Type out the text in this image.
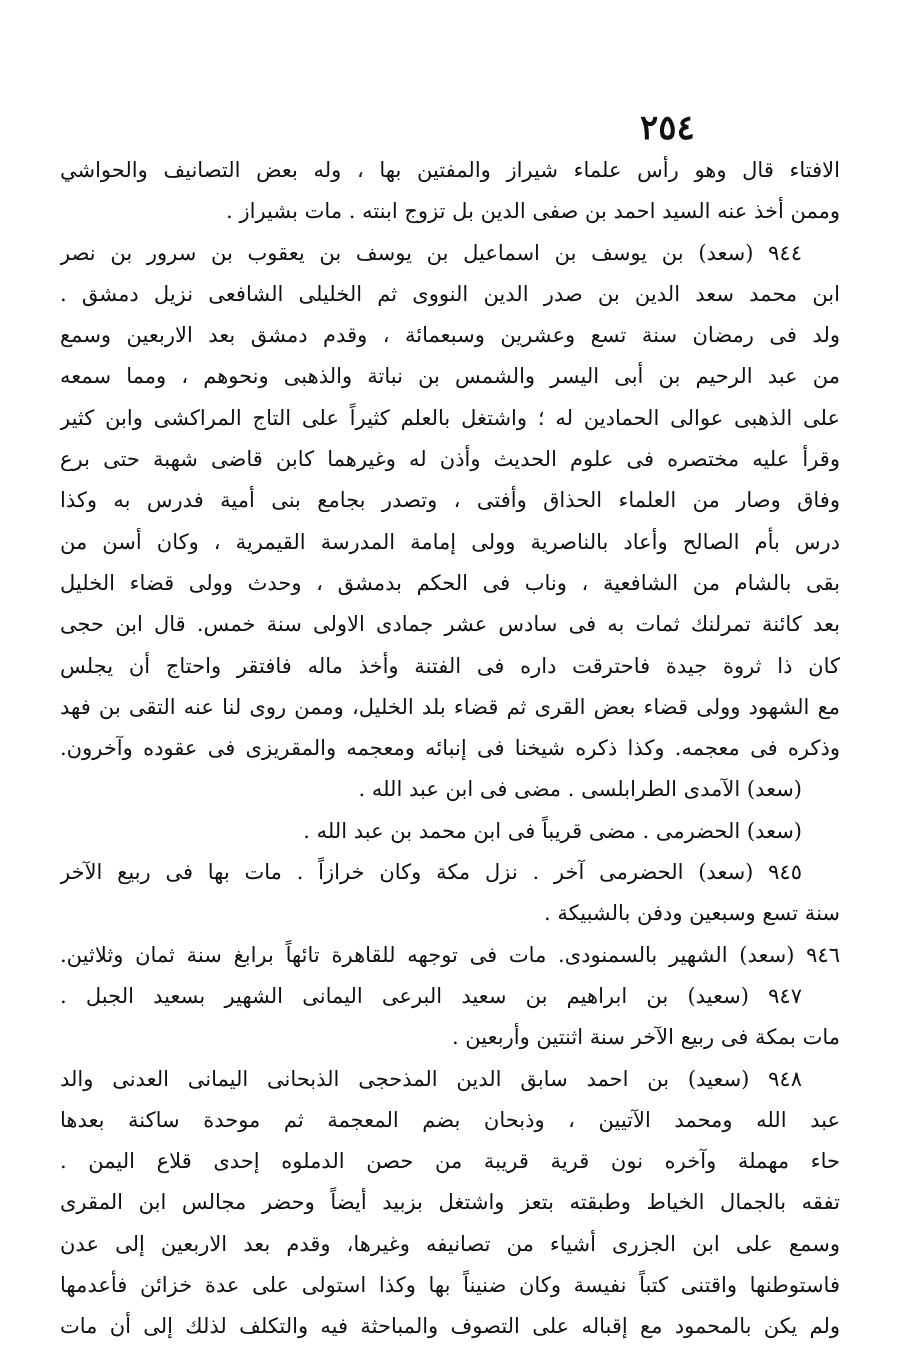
٢٥٤
الافتاء قال وهو رأس علماء شيراز والمفتين بها ، وله بعض التصانيف والحواشي
وممن أخذ عنه السيد احمد بن صفى الدين بل تزوج ابنته . مات بشيراز .
٩٤٤ (سعد) بن يوسف بن اسماعيل بن يوسف بن يعقوب بن سرور بن نصر
ابن محمد سعد الدين بن صدر الدين النووى ثم الخليلى الشافعى نزيل دمشق .
ولد فى رمضان سنة تسع وعشرين وسبعمائة ، وقدم دمشق بعد الاربعين وسمع
من عبد الرحيم بن أبى اليسر والشمس بن نباتة والذهبى ونحوهم ، ومما سمعه
على الذهبى عوالى الحمادين له ؛ واشتغل بالعلم كثيراً على التاج المراكشى وابن كثير
وقرأ عليه مختصره فى علوم الحديث وأذن له وغيرهما كابن قاضى شهبة حتى برع
وفاق وصار من العلماء الحذاق وأفتى ، وتصدر بجامع بنى أمية فدرس به وكذا
درس بأم الصالح وأعاد بالناصرية وولى إمامة المدرسة القيمرية ، وكان أسن من
بقى بالشام من الشافعية ، وناب فى الحكم بدمشق ، وحدث وولى قضاء الخليل
بعد كائنة تمرلنك ثمات به فى سادس عشر جمادى الاولى سنة خمس. قال ابن حجى
كان ذا ثروة جيدة فاحترقت داره فى الفتنة وأخذ ماله فافتقر واحتاج أن يجلس
مع الشهود وولى قضاء بعض القرى ثم قضاء بلد الخليل، وممن روى لنا عنه التقى بن فهد
وذكره فى معجمه. وكذا ذكره شيخنا فى إنبائه ومعجمه والمقريزى فى عقوده وآخرون.
(سعد) الآمدى الطرابلسى . مضى فى ابن عبد الله .
(سعد) الحضرمى . مضى قريباً فى ابن محمد بن عبد الله .
٩٤٥ (سعد) الحضرمى آخر . نزل مكة وكان خرازاً . مات بها فى ربيع الآخر
سنة تسع وسبعين ودفن بالشبيكة .
٩٤٦ (سعد) الشهير بالسمنودى. مات فى توجهه للقاهرة تائهاً برابغ سنة ثمان وثلاثين.
٩٤٧ (سعيد) بن ابراهيم بن سعيد البرعى اليمانى الشهير بسعيد الجبل .
مات بمكة فى ربيع الآخر سنة اثنتين وأربعين .
٩٤٨ (سعيد) بن احمد سابق الدين المذحجى الذبحانى اليمانى العدنى والد
عبد الله ومحمد الآتيين ، وذبحان بضم المعجمة ثم موحدة ساكنة بعدها
حاء مهملة وآخره نون قرية قريبة من حصن الدملوه إحدى قلاع اليمن .
تفقه بالجمال الخياط وطبقته بتعز واشتغل بزبيد أيضاً وحضر مجالس ابن المقرى
وسمع على ابن الجزرى أشياء من تصانيفه وغيرها، وقدم بعد الاربعين إلى عدن
فاستوطنها واقتنى كتباً نفيسة وكان ضنيناً بها وكذا استولى على عدة خزائن فأعدمها
ولم يكن بالمحمود مع إقباله على التصوف والمباحثة فيه والتكلف لذلك إلى أن مات
